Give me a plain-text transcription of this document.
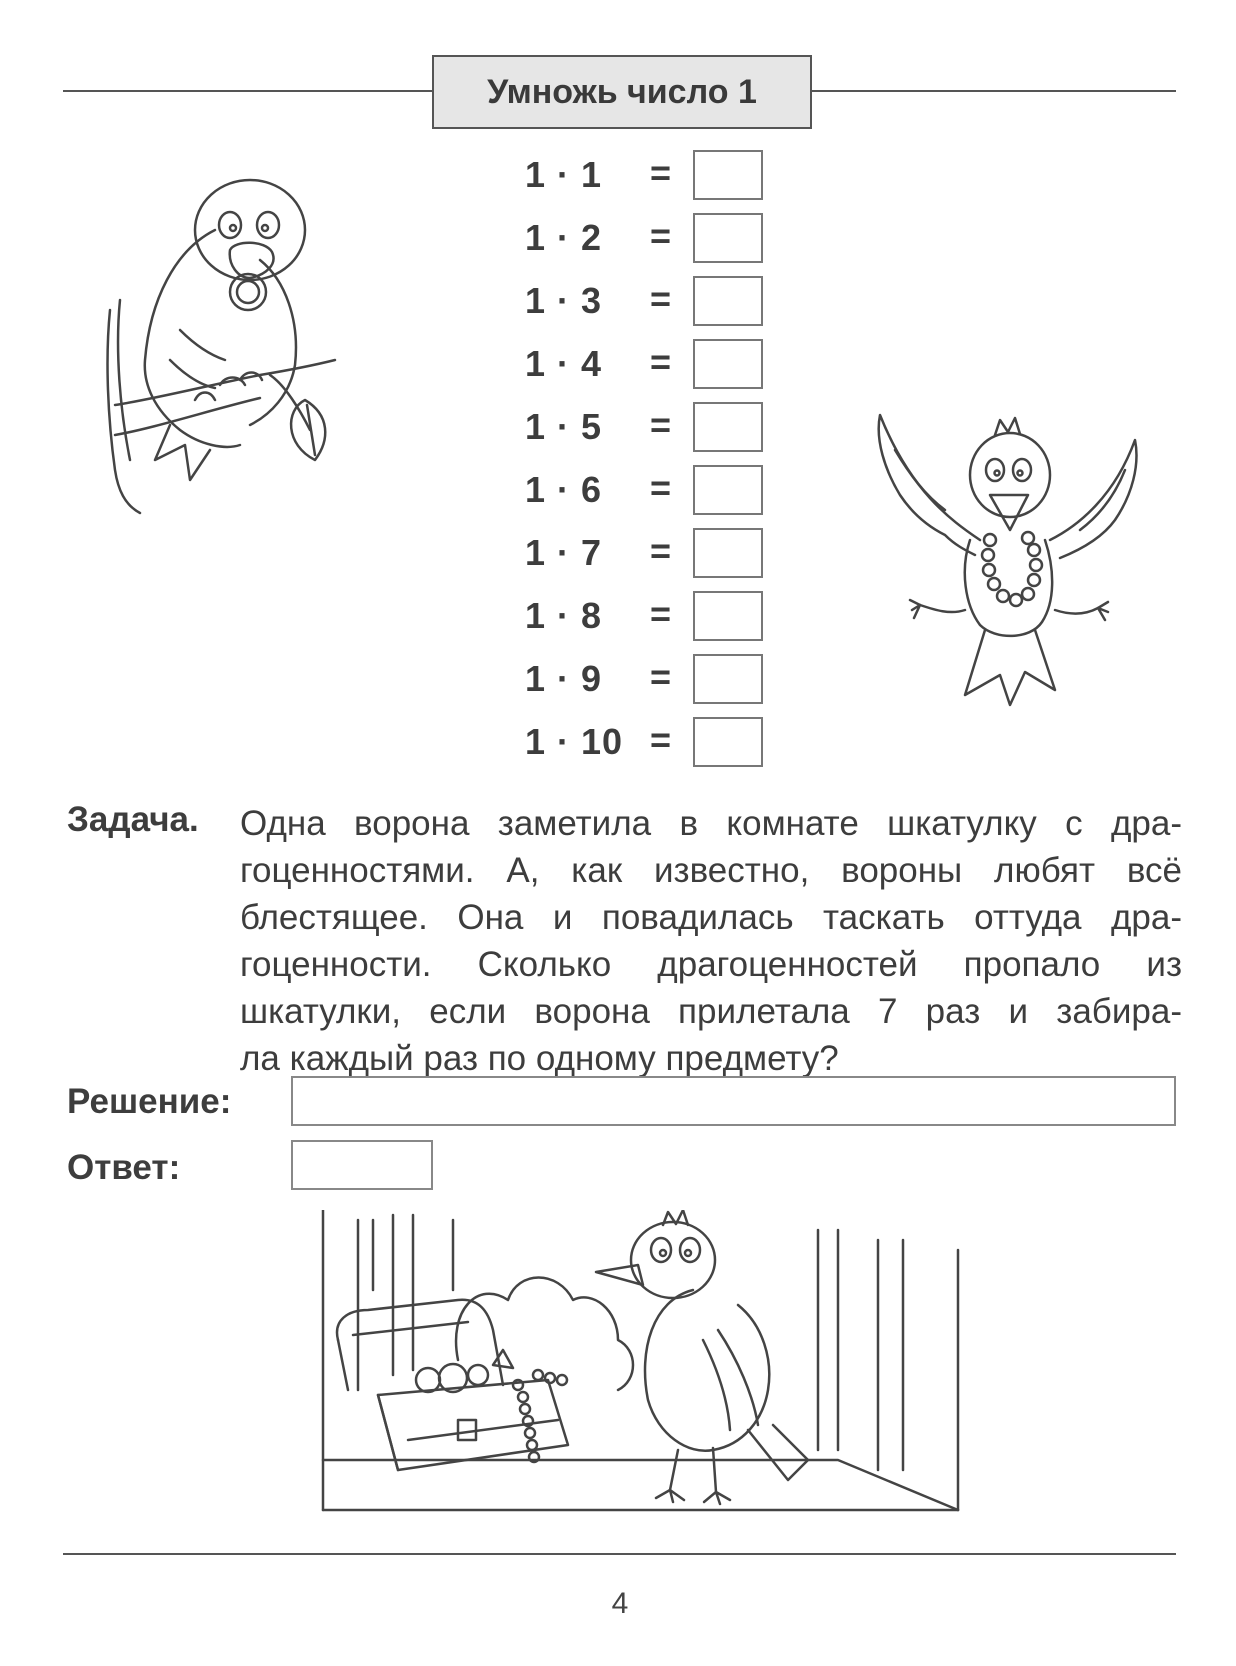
Умножь число 1
1 · 1 =
1 · 2 =
1 · 3 =
1 · 4 =
1 · 5 =
1 · 6 =
1 · 7 =
1 · 8 =
1 · 9 =
1 · 10 =
Задача. Одна ворона заметила в комнате шкатулку с дра-
гоценностями. А, как известно, вороны любят всё
блестящее. Она и повадилась таскать оттуда дра-
гоценности. Сколько драгоценностей пропало из
шкатулки, если ворона прилетала 7 раз и забира-
ла каждый раз по одному предмету?
Решение:
Ответ:
4
